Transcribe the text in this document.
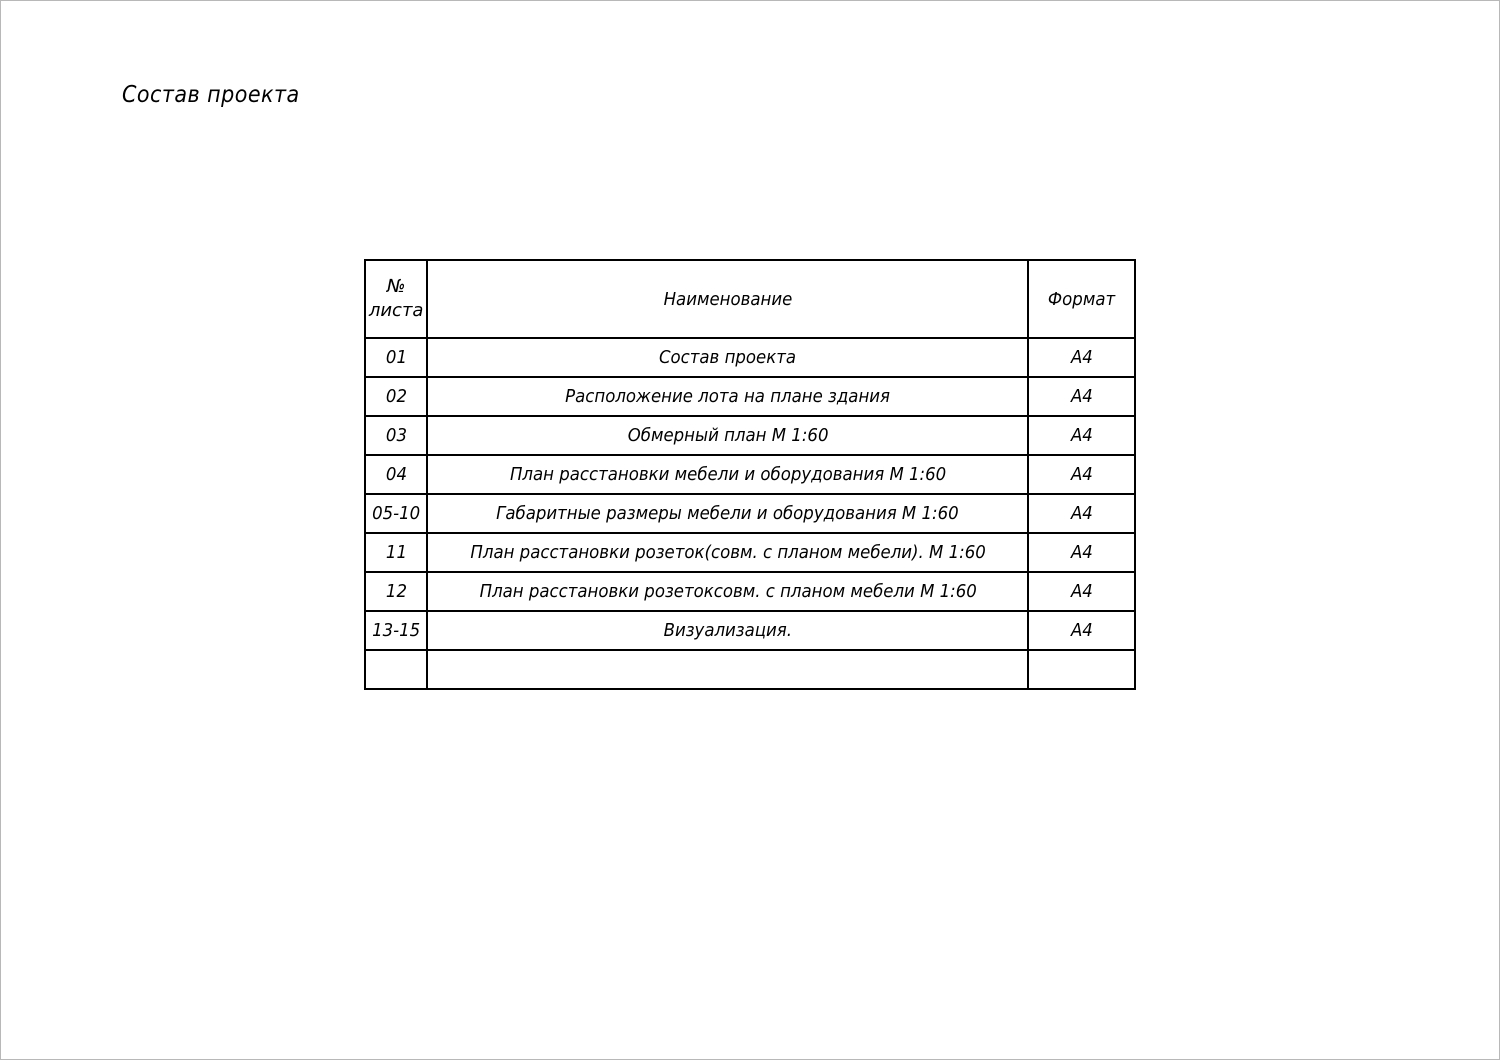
Состав проекта
№
листа	Наименование	Формат
01	Состав проекта	А4
02	Расположение лота на плане здания	А4
03	Обмерный план М 1:60	А4
04	План расстановки мебели и оборудования М 1:60	А4
05-10	Габаритные размеры мебели и оборудования М 1:60	А4
11	План расстановки розеток(совм. с планом мебели). М 1:60	А4
12	План расстановки розетоксовм. с планом мебели М 1:60	А4
13-15	Визуализация.	А4
